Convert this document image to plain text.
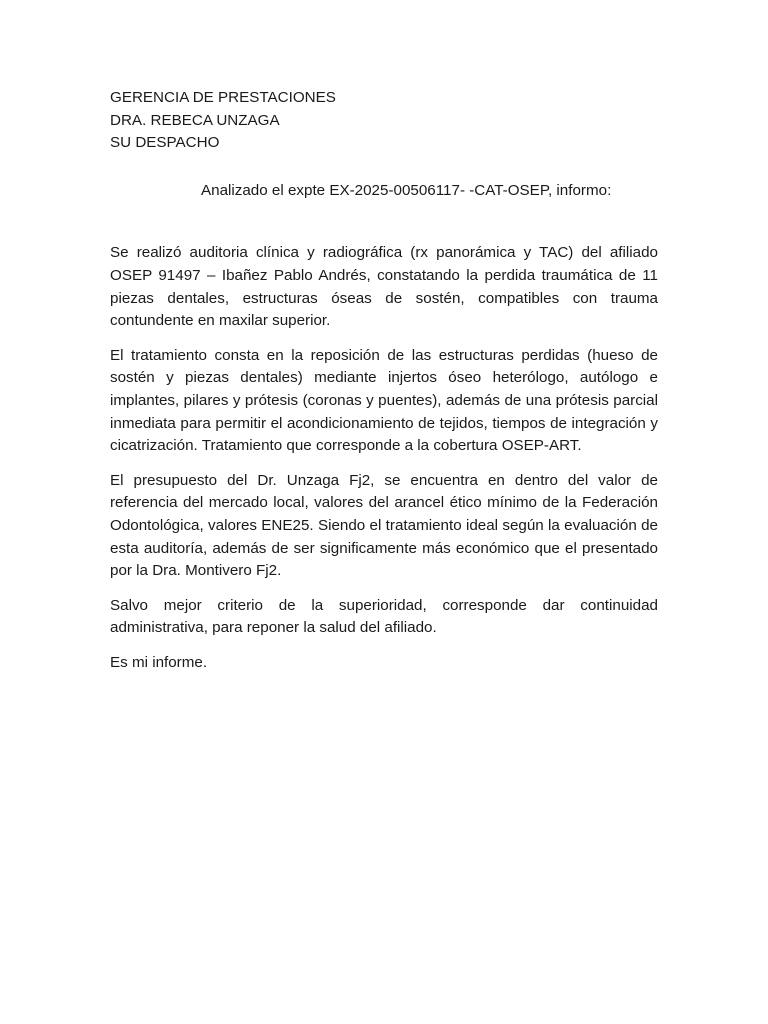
GERENCIA DE PRESTACIONES
DRA. REBECA UNZAGA
SU DESPACHO

Analizado el expte EX-2025-00506117- -CAT-OSEP, informo:

Se realizó auditoria clínica y radiográfica (rx panorámica y TAC) del afiliado OSEP 91497 – Ibañez Pablo Andrés, constatando la perdida traumática de 11 piezas dentales, estructuras óseas de sostén, compatibles con trauma contundente en maxilar superior.

El tratamiento consta en la reposición de las estructuras perdidas (hueso de sostén y piezas dentales) mediante injertos óseo heterólogo, autólogo e implantes, pilares y prótesis (coronas y puentes), además de una prótesis parcial inmediata para permitir el acondicionamiento de tejidos, tiempos de integración y cicatrización. Tratamiento que corresponde a la cobertura OSEP-ART.

El presupuesto del Dr. Unzaga Fj2, se encuentra en dentro del valor de referencia del mercado local, valores del arancel ético mínimo de la Federación Odontológica, valores ENE25. Siendo el tratamiento ideal según la evaluación de esta auditoría, además de ser significamente más económico que el presentado por la Dra. Montivero Fj2.

Salvo mejor criterio de la superioridad, corresponde dar continuidad administrativa, para reponer la salud del afiliado.

Es mi informe.
